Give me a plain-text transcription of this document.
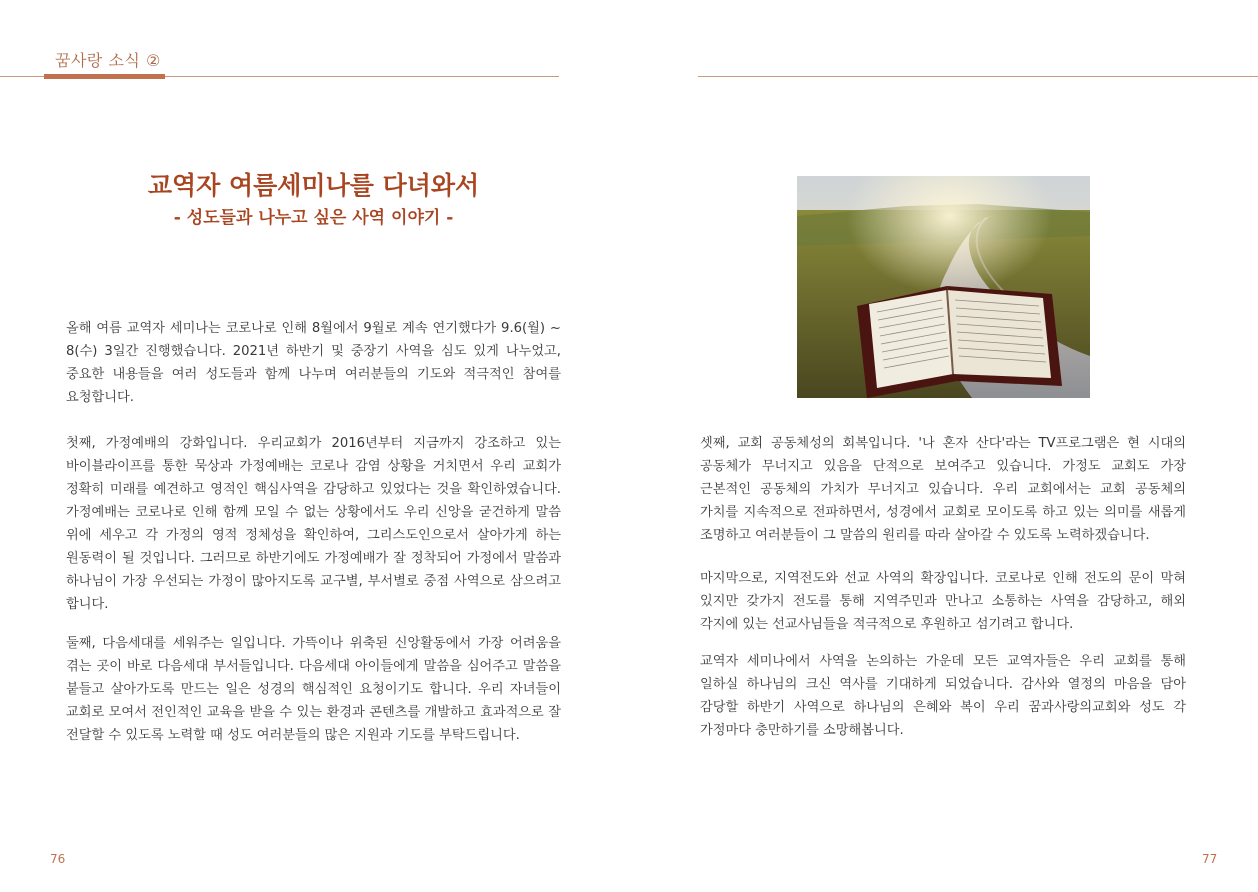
꿈사랑 소식 ②
교역자 여름세미나를 다녀와서
- 성도들과 나누고 싶은 사역 이야기 -

올해 여름 교역자 세미나는 코로나로 인해 8월에서 9월로 계속 연기했다가 9.6(월) ~ 8(수) 3일간 진행했습니다. 2021년 하반기 및 중장기 사역을 심도 있게 나누었고, 중요한 내용들을 여러 성도들과 함께 나누며 여러분들의 기도와 적극적인 참여를 요청합니다.

첫째, 가정예배의 강화입니다. 우리교회가 2016년부터 지금까지 강조하고 있는 바이블라이프를 통한 묵상과 가정예배는 코로나 감염 상황을 거치면서 우리 교회가 정확히 미래를 예견하고 영적인 핵심사역을 감당하고 있었다는 것을 확인하였습니다. 가정예배는 코로나로 인해 함께 모일 수 없는 상황에서도 우리 신앙을 굳건하게 말씀 위에 세우고 각 가정의 영적 정체성을 확인하여, 그리스도인으로서 살아가게 하는 원동력이 될 것입니다. 그러므로 하반기에도 가정예배가 잘 정착되어 가정에서 말씀과 하나님이 가장 우선되는 가정이 많아지도록 교구별, 부서별로 중점 사역으로 삼으려고 합니다.

둘째, 다음세대를 세워주는 일입니다. 가뜩이나 위축된 신앙활동에서 가장 어려움을 겪는 곳이 바로 다음세대 부서들입니다. 다음세대 아이들에게 말씀을 심어주고 말씀을 붙들고 살아가도록 만드는 일은 성경의 핵심적인 요청이기도 합니다. 우리 자녀들이 교회로 모여서 전인적인 교육을 받을 수 있는 환경과 콘텐츠를 개발하고 효과적으로 잘 전달할 수 있도록 노력할 때 성도 여러분들의 많은 지원과 기도를 부탁드립니다.

셋째, 교회 공동체성의 회복입니다. '나 혼자 산다'라는 TV프로그램은 현 시대의 공동체가 무너지고 있음을 단적으로 보여주고 있습니다. 가정도 교회도 가장 근본적인 공동체의 가치가 무너지고 있습니다. 우리 교회에서는 교회 공동체의 가치를 지속적으로 전파하면서, 성경에서 교회로 모이도록 하고 있는 의미를 새롭게 조명하고 여러분들이 그 말씀의 원리를 따라 살아갈 수 있도록 노력하겠습니다.

마지막으로, 지역전도와 선교 사역의 확장입니다. 코로나로 인해 전도의 문이 막혀 있지만 갖가지 전도를 통해 지역주민과 만나고 소통하는 사역을 감당하고, 해외 각지에 있는 선교사님들을 적극적으로 후원하고 섬기려고 합니다.

교역자 세미나에서 사역을 논의하는 가운데 모든 교역자들은 우리 교회를 통해 일하실 하나님의 크신 역사를 기대하게 되었습니다. 감사와 열정의 마음을 담아 감당할 하반기 사역으로 하나님의 은혜와 복이 우리 꿈과사랑의교회와 성도 각 가정마다 충만하기를 소망해봅니다.

76	77
